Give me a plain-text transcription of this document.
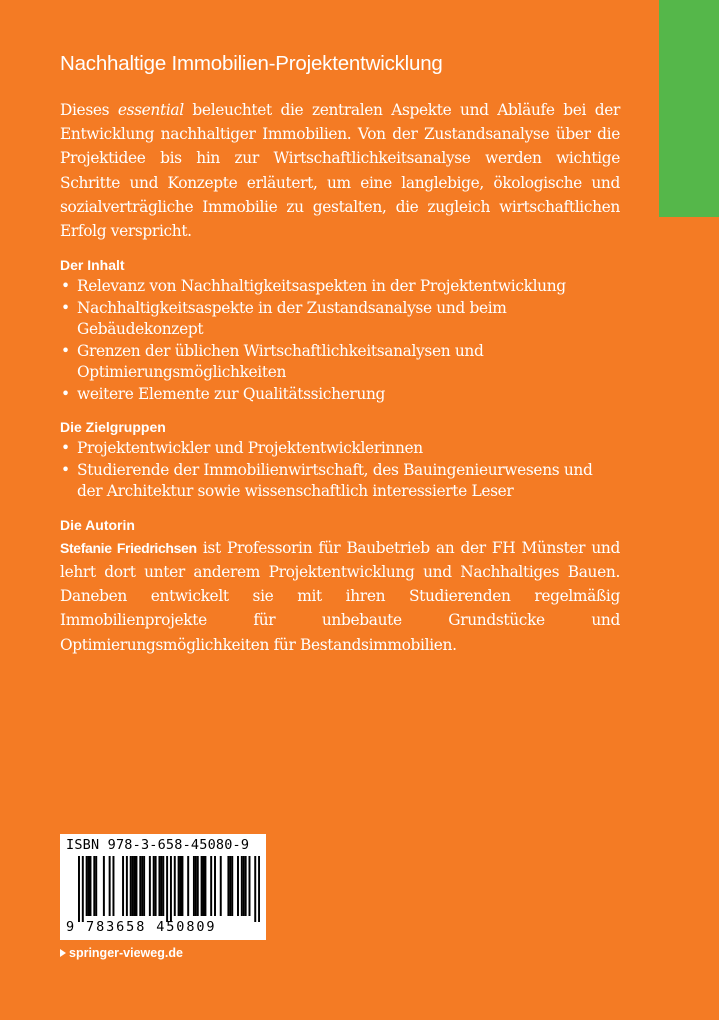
Nachhaltige Immobilien-Projektentwicklung

Dieses essential beleuchtet die zentralen Aspekte und Abläufe bei der Entwicklung nachhaltiger Immobilien. Von der Zustandsanalyse über die Projektidee bis hin zur Wirtschaftlichkeitsanalyse werden wichtige Schritte und Konzepte erläutert, um eine langlebige, ökologische und sozialverträgliche Immobilie zu gestalten, die zugleich wirtschaftlichen Erfolg verspricht.

Der Inhalt
• Relevanz von Nachhaltigkeitsaspekten in der Projektentwicklung
• Nachhaltigkeitsaspekte in der Zustandsanalyse und beim Gebäudekonzept
• Grenzen der üblichen Wirtschaftlichkeitsanalysen und Optimierungsmöglichkeiten
• weitere Elemente zur Qualitätssicherung
Die Zielgruppen
• Projektentwickler und Projektentwicklerinnen
• Studierende der Immobilienwirtschaft, des Bauingenieurwesens und der Architektur sowie wissenschaftlich interessierte Leser
Die Autorin

Stefanie Friedrichsen ist Professorin für Baubetrieb an der FH Münster und lehrt dort unter anderem Projektentwicklung und Nachhaltiges Bauen. Daneben entwickelt sie mit ihren Studierenden regelmäßig Immobilienprojekte für unbebaute Grundstücke und Optimierungsmöglichkeiten für Bestandsimmobilien.

ISBN 978-3-658-45080-9
9 783658 450809
springer-vieweg.de
